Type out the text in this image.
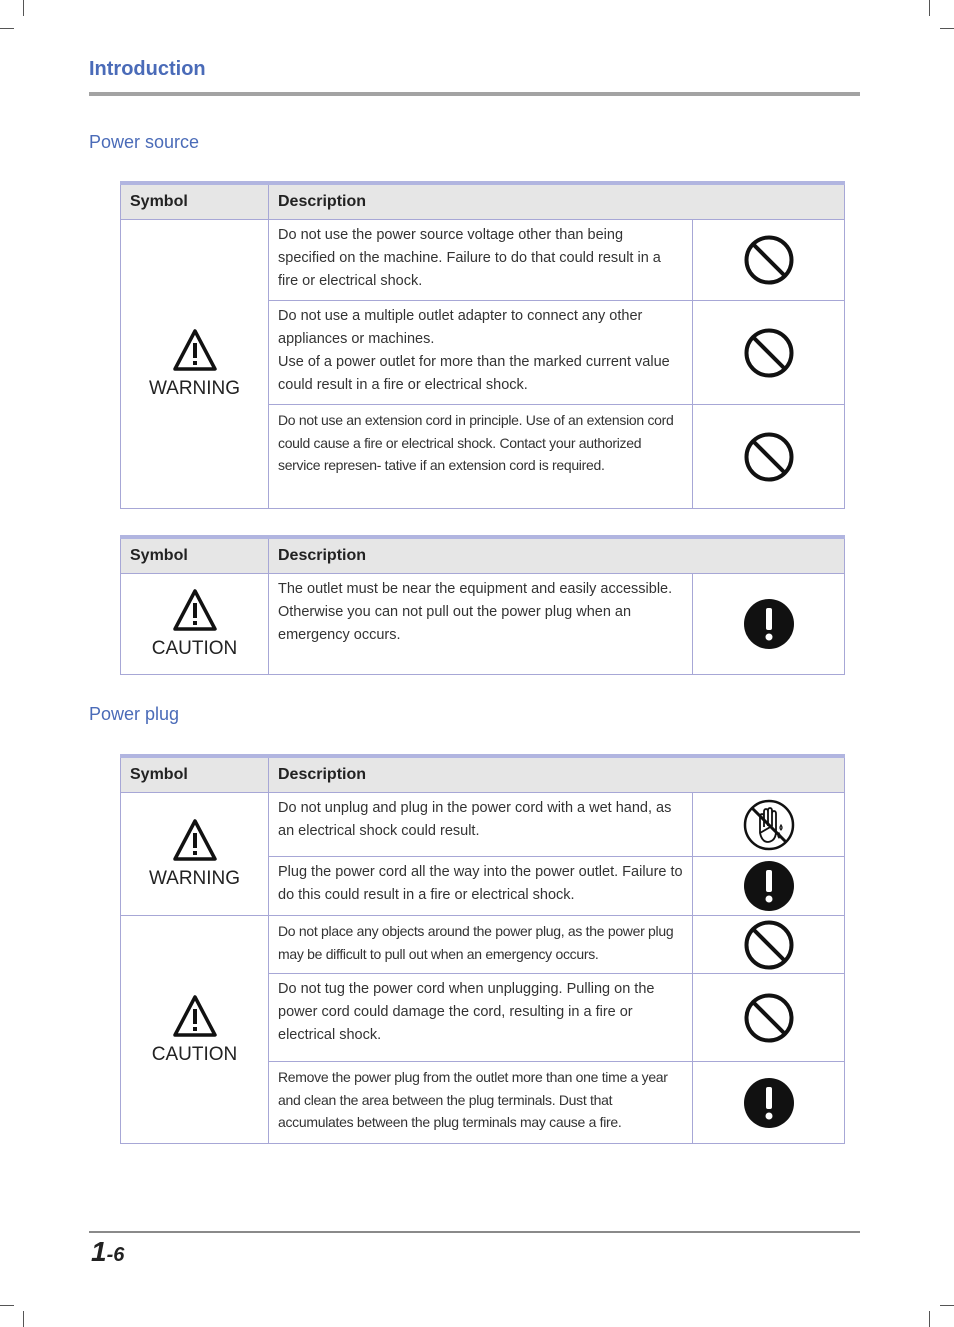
Introduction
Power source
Symbol	Description	

WARNING	Do not use the power source voltage other than being specified on the machine. Failure to do that could result in a fire or electrical shock.	

	Do not use a multiple outlet adapter to connect any other appliances or machines.
Use of a power outlet for more than the marked current value could result in a fire or electrical shock.	

	Do not use an extension cord in principle. Use of an extension cord could cause a fire or electrical shock. Contact your authorized service represen- tative if an extension cord is required.	
Symbol	Description	

CAUTION	The outlet must be near the equipment and easily accessible. Otherwise you can not pull out the power plug when an emergency occurs.	
Power plug
Symbol	Description	

WARNING	Do not unplug and plug in the power cord with a wet hand, as an electrical shock could result.	

	Plug the power cord all the way into the power outlet. Failure to do this could result in a fire or electrical shock.	

CAUTION	Do not place any objects around the power plug, as the power plug may be difficult to pull out when an emergency occurs.	

	Do not tug the power cord when unplugging. Pulling on the power cord could damage the cord, resulting in a fire or electrical shock.	

	Remove the power plug from the outlet more than one time a year and clean the area between the plug terminals. Dust that accumulates between the plug terminals may cause a fire.	
1-6
